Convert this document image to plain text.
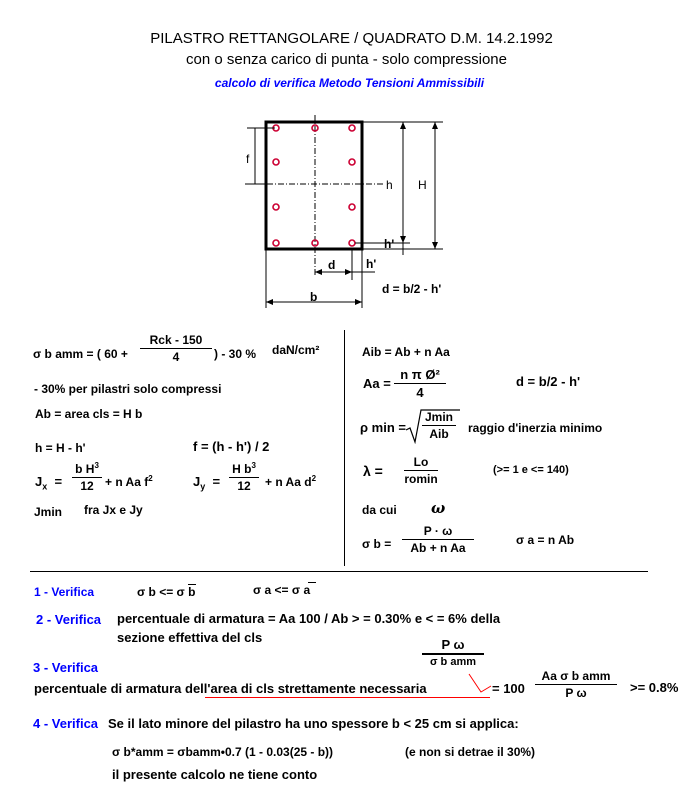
PILASTRO RETTANGOLARE / QUADRATO D.M. 14.2.1992
con o senza carico di punta - solo compressione
calcolo di verifica Metodo Tensioni Ammissibili
f
h H
h'
d	h'
b
d = b/2 - h'
σ b amm = ( 60 +
Rck - 150
4	) - 30 % daN/cm²
- 30% per pilastri solo compressi
Ab = area cls = H b
h = H - h'	f = (h - h') / 2
$J_x$  =
b $H^3$
12 + n Aa $f^2$	$J_y$  =
H $b^3$
12	+ n Aa $d^2$
Jmin fra Jx e Jy
Aib = Ab + n Aa
Aa =
n π Ø²
4
d = b/2 - h'
ρ min =
Jmin
Aib	raggio d'inerzia minimo
λ =
Lo
romin
(>= 1 e <= 140)
da cui ω
σ b =
P · ω
Ab + n Aa
σ a = n Ab
1 - Verifica	σ b <= σ b	σ a <= σ a
2 - Verifica percentuale di armatura = Aa 100 / Ab > = 0.30% e < = 6% della
sezione effettiva del cls	P ω
σ b amm
3 - Verifica
percentuale di armatura dell'area di cls strettamente necessaria	= 100
Aa σ b amm
P ω	>= 0.8%
4 - Verifica Se il lato minore del pilastro ha uno spessore b < 25 cm si applica:
σ b*amm = σbamm•0.7 (1 - 0.03(25 - b))	(e non si detrae il 30%)
il presente calcolo ne tiene conto
